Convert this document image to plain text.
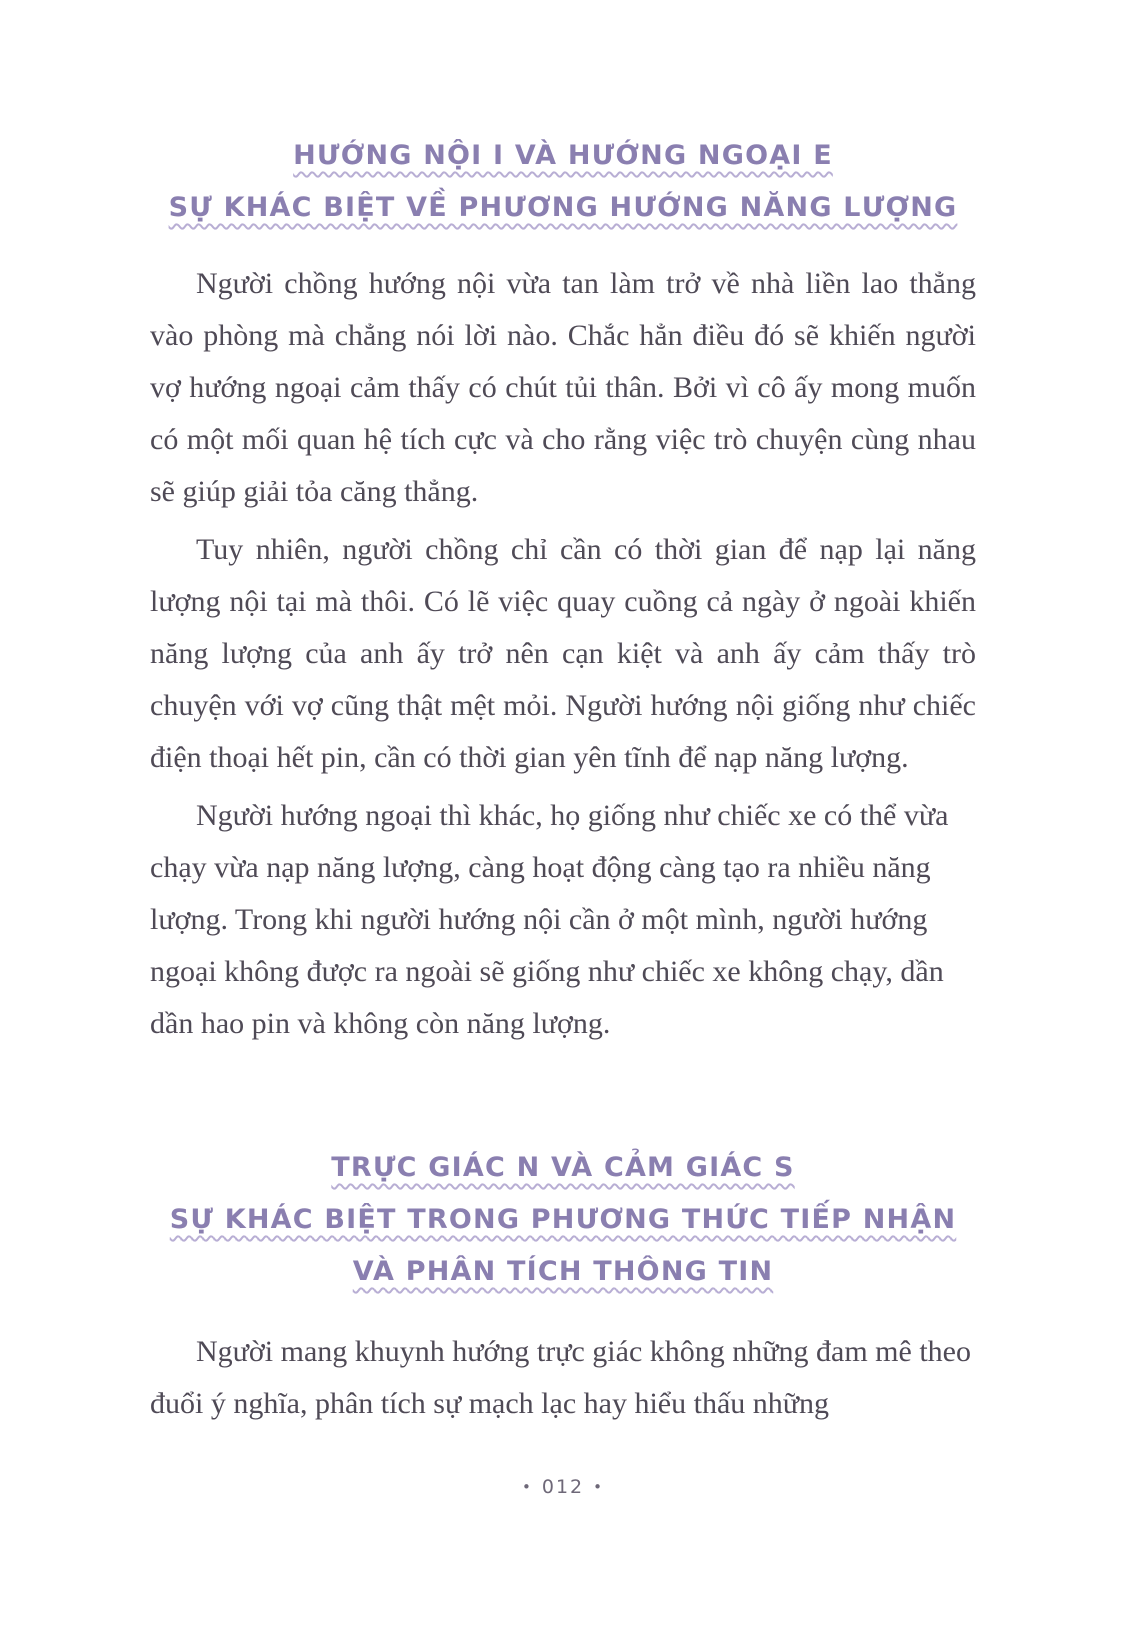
HƯỚNG NỘI I VÀ HƯỚNG NGOẠI E
SỰ KHÁC BIỆT VỀ PHƯƠNG HƯỚNG NĂNG LƯỢNG

Người chồng hướng nội vừa tan làm trở về nhà liền lao thẳng vào phòng mà chẳng nói lời nào. Chắc hẳn điều đó sẽ khiến người vợ hướng ngoại cảm thấy có chút tủi thân. Bởi vì cô ấy mong muốn có một mối quan hệ tích cực và cho rằng việc trò chuyện cùng nhau sẽ giúp giải tỏa căng thẳng.

Tuy nhiên, người chồng chỉ cần có thời gian để nạp lại năng lượng nội tại mà thôi. Có lẽ việc quay cuồng cả ngày ở ngoài khiến năng lượng của anh ấy trở nên cạn kiệt và anh ấy cảm thấy trò chuyện với vợ cũng thật mệt mỏi. Người hướng nội giống như chiếc điện thoại hết pin, cần có thời gian yên tĩnh để nạp năng lượng.

Người hướng ngoại thì khác, họ giống như chiếc xe có thể vừa chạy vừa nạp năng lượng, càng hoạt động càng tạo ra nhiều năng lượng. Trong khi người hướng nội cần ở một mình, người hướng ngoại không được ra ngoài sẽ giống như chiếc xe không chạy, dần dần hao pin và không còn năng lượng.

TRỰC GIÁC N VÀ CẢM GIÁC S
SỰ KHÁC BIỆT TRONG PHƯƠNG THỨC TIẾP NHẬN
VÀ PHÂN TÍCH THÔNG TIN

Người mang khuynh hướng trực giác không những đam mê theo đuổi ý nghĩa, phân tích sự mạch lạc hay hiểu thấu những

• 012 •
